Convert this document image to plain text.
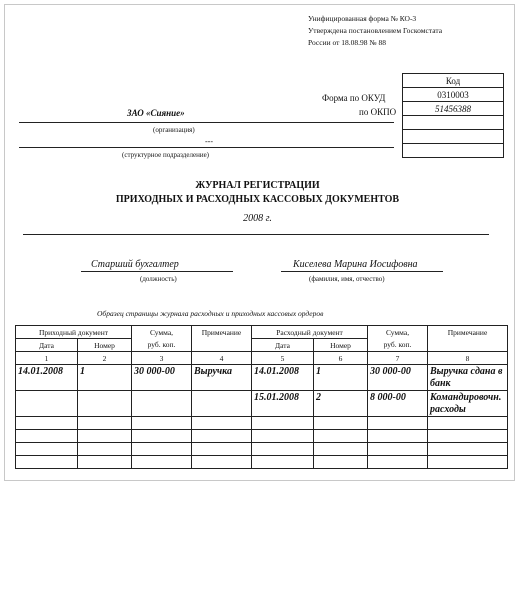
Унифицированная форма № КО-3
Утверждена постановлением Госкомстата
России от 18.08.98 № 88

Код
0310003
51456388

Форма по ОКУД
по ОКПО
ЗАО «Сияние»
(организация)
---
(структурное подразделение)
ЖУРНАЛ РЕГИСТРАЦИИ
ПРИХОДНЫХ И РАСХОДНЫХ КАССОВЫХ ДОКУМЕНТОВ
2008 г.
Старший бухгалтер
(должность)
Киселева Марина Иосифовна
(фамилия, имя, отчество)
Образец страницы журнала расходных и приходных кассовых ордеров
Приходный документ		Сумма,	Примечание	Расходный документ		Сумма,	Примечание
Дата	Номер	руб. коп.		Дата	Номер	руб. коп.	
1	2	3	4	5	6	7	8
14.01.2008	1	30 000-00	Выручка	14.01.2008	1	30 000-00	Выручка сдана в банк
				15.01.2008	2	8 000-00	Командировочн. расходы
